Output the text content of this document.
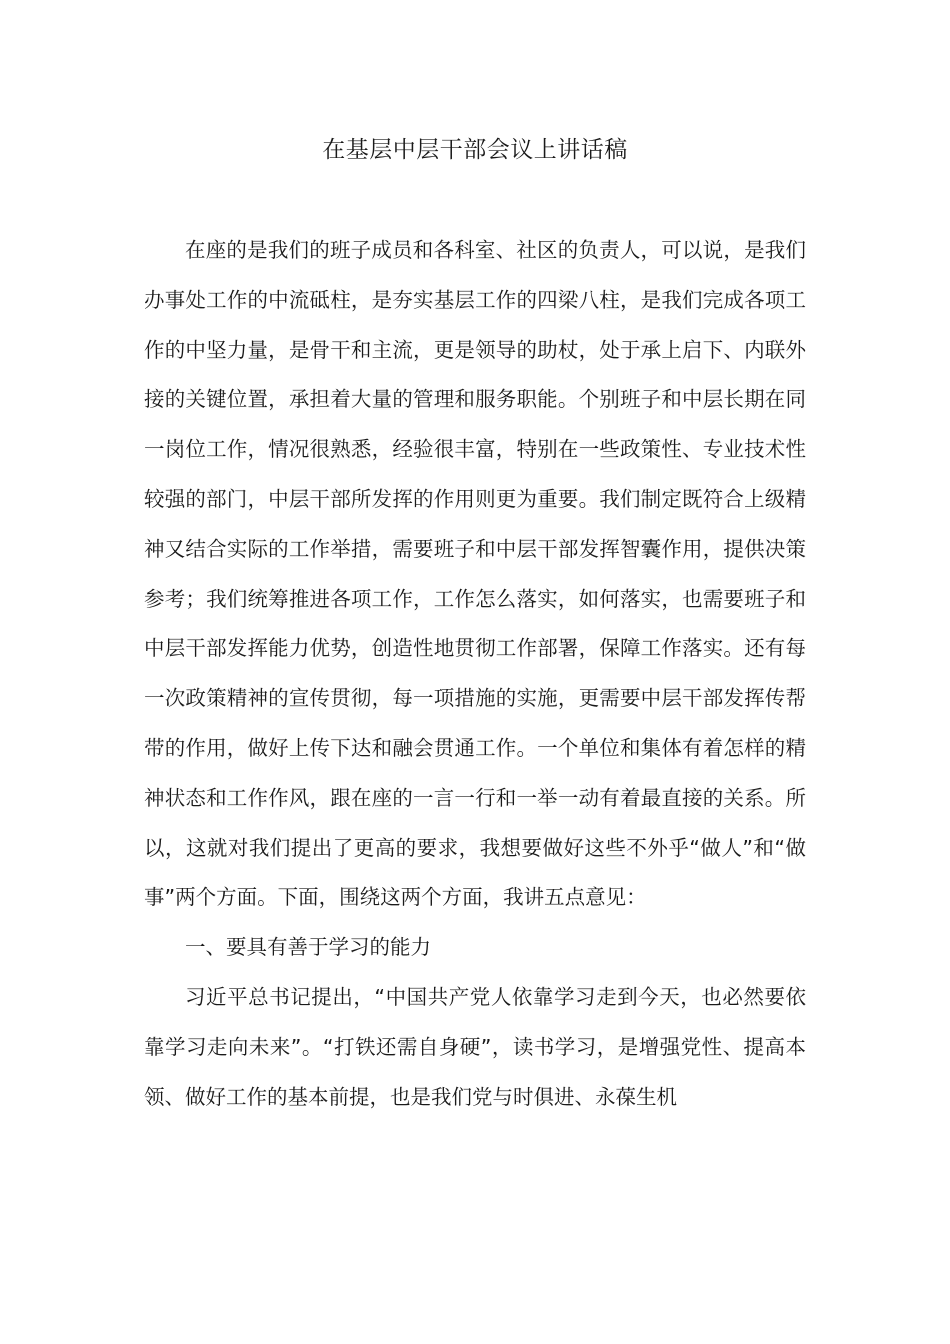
在基层中层干部会议上讲话稿

在座的是我们的班子成员和各科室、社区的负责人，可以说，是我们办事处工作的中流砥柱，是夯实基层工作的四梁八柱，是我们完成各项工作的中坚力量，是骨干和主流，更是领导的助杖，处于承上启下、内联外接的关键位置，承担着大量的管理和服务职能。个别班子和中层长期在同一岗位工作，情况很熟悉，经验很丰富，特别在一些政策性、专业技术性较强的部门，中层干部所发挥的作用则更为重要。我们制定既符合上级精神又结合实际的工作举措，需要班子和中层干部发挥智囊作用，提供决策参考；我们统筹推进各项工作，工作怎么落实，如何落实，也需要班子和中层干部发挥能力优势，创造性地贯彻工作部署，保障工作落实。还有每一次政策精神的宣传贯彻，每一项措施的实施，更需要中层干部发挥传帮带的作用，做好上传下达和融会贯通工作。一个单位和集体有着怎样的精神状态和工作作风，跟在座的一言一行和一举一动有着最直接的关系。所以，这就对我们提出了更高的要求，我想要做好这些不外乎“做人”和“做事”两个方面。下面，围绕这两个方面，我讲五点意见：

一、要具有善于学习的能力

习近平总书记提出，“中国共产党人依靠学习走到今天，也必然要依靠学习走向未来”。“打铁还需自身硬”，读书学习，是增强党性、提高本领、做好工作的基本前提，也是我们党与时俱进、永葆生机
